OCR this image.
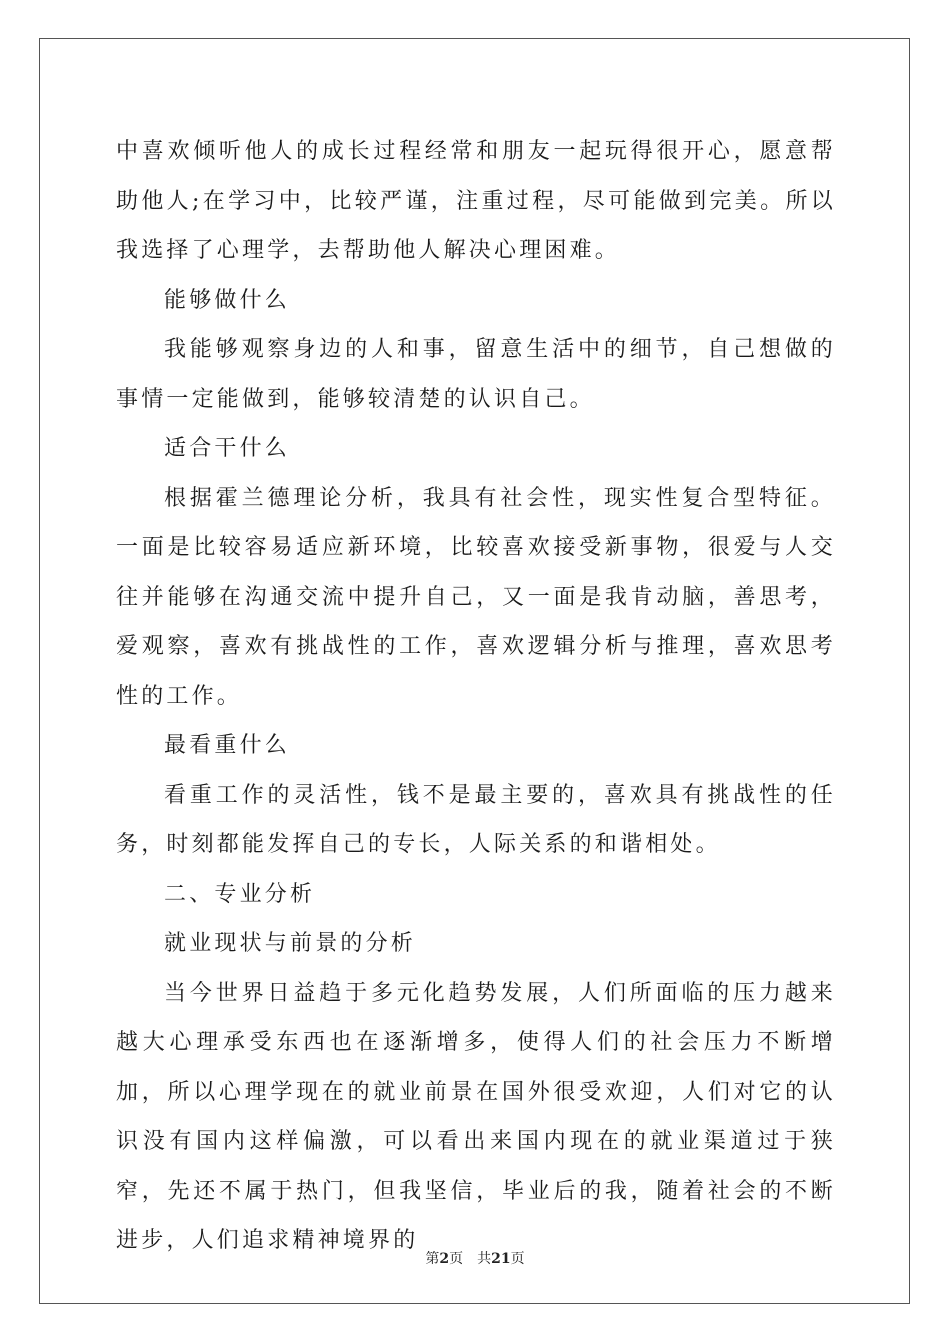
中喜欢倾听他人的成长过程经常和朋友一起玩得很开心，愿意帮助他人;在学习中，比较严谨，注重过程，尽可能做到完美。所以我选择了心理学，去帮助他人解决心理困难。

能够做什么

我能够观察身边的人和事，留意生活中的细节，自己想做的事情一定能做到，能够较清楚的认识自己。

适合干什么

根据霍兰德理论分析，我具有社会性，现实性复合型特征。一面是比较容易适应新环境，比较喜欢接受新事物，很爱与人交往并能够在沟通交流中提升自己，又一面是我肯动脑，善思考，爱观察，喜欢有挑战性的工作，喜欢逻辑分析与推理，喜欢思考性的工作。

最看重什么

看重工作的灵活性，钱不是最主要的，喜欢具有挑战性的任务，时刻都能发挥自己的专长，人际关系的和谐相处。

二、专业分析

就业现状与前景的分析

当今世界日益趋于多元化趋势发展，人们所面临的压力越来越大心理承受东西也在逐渐增多，使得人们的社会压力不断增加，所以心理学现在的就业前景在国外很受欢迎，人们对它的认识没有国内这样偏激，可以看出来国内现在的就业渠道过于狭窄，先还不属于热门，但我坚信，毕业后的我，随着社会的不断进步，人们追求精神境界的

第2页 共21页
